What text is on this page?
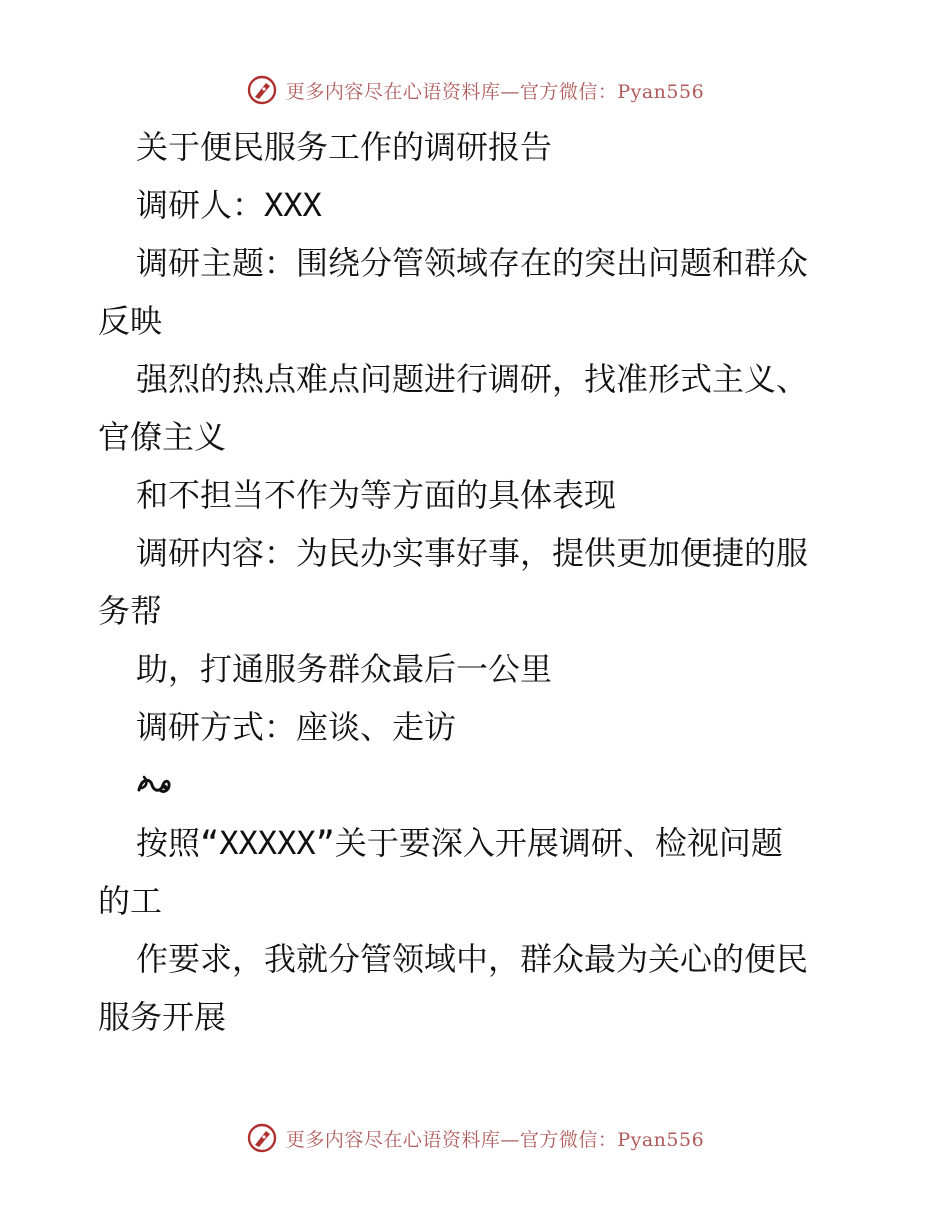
更多内容尽在心语资料库—官方微信：Pyan556
关于便民服务工作的调研报告
调研人：XXX
调研主题：围绕分管领域存在的突出问题和群众
反映
强烈的热点难点问题进行调研，找准形式主义、
官僚主义
和不担当不作为等方面的具体表现
调研内容：为民办实事好事，提供更加便捷的服
务帮
助，打通服务群众最后一公里
调研方式：座谈、走访
按照“XXXXX”关于要深入开展调研、检视问题
的工
作要求，我就分管领域中，群众最为关心的便民
服务开展
更多内容尽在心语资料库—官方微信：Pyan556
